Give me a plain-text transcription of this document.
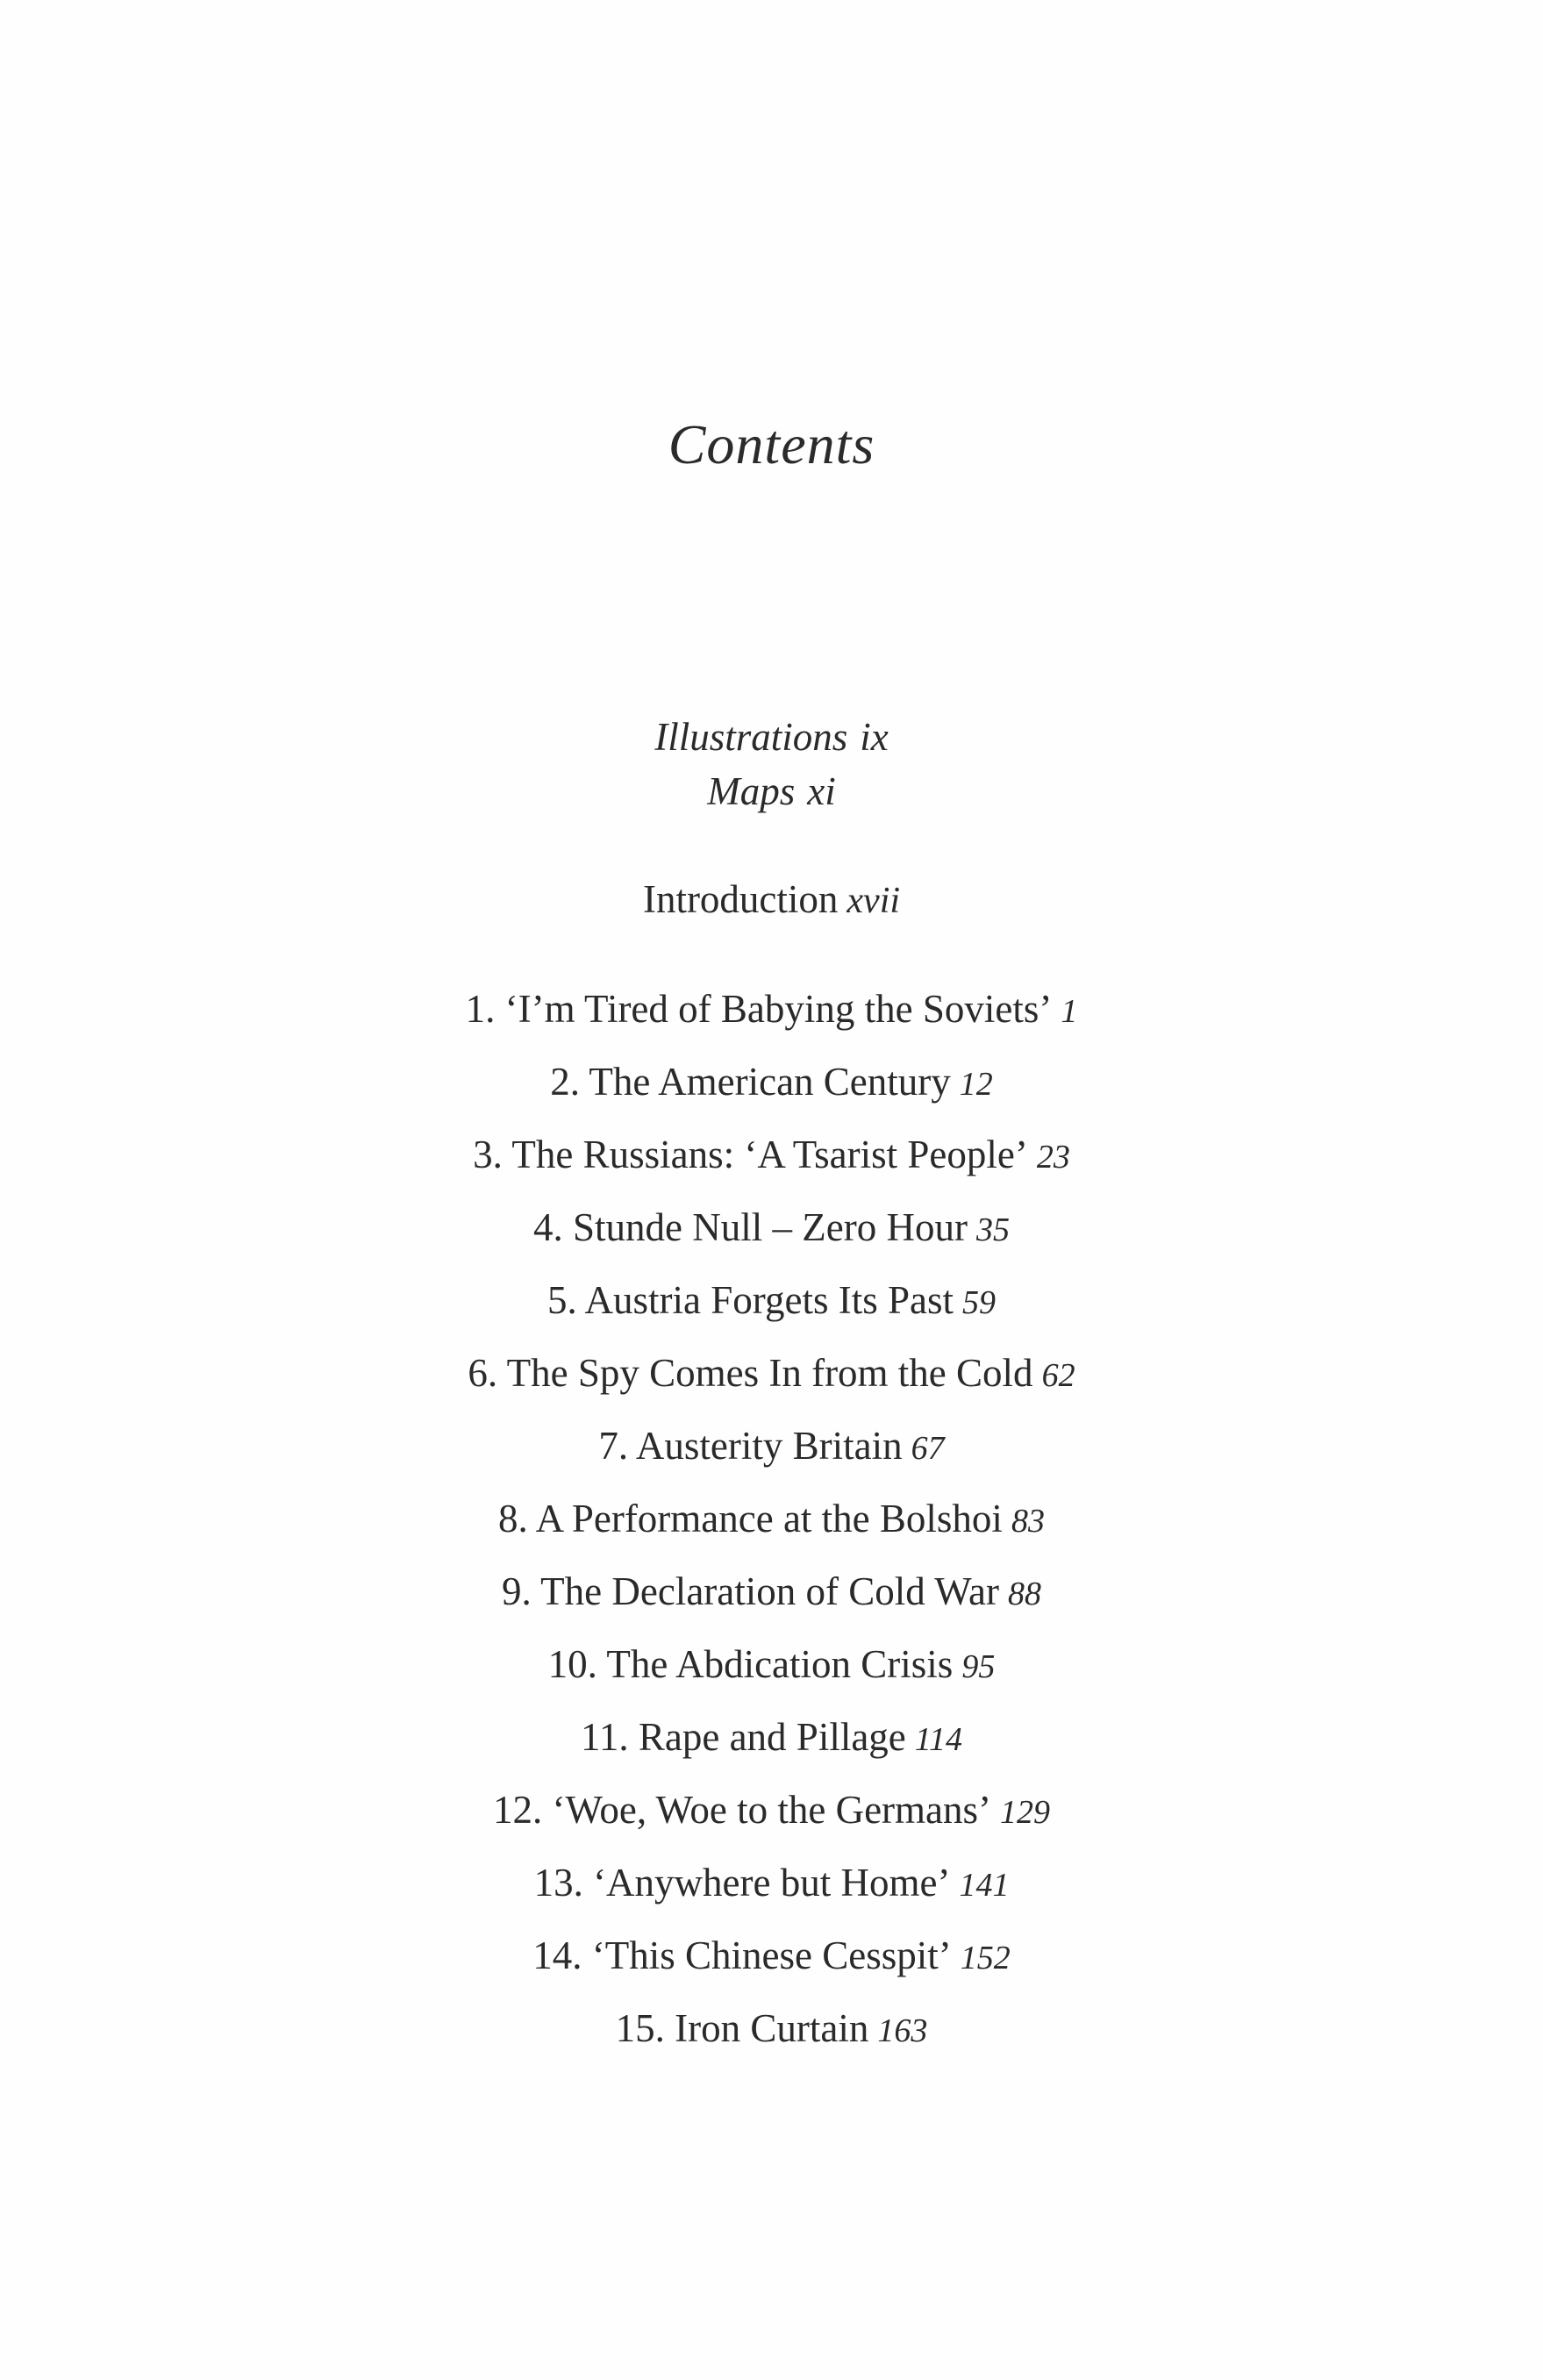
Contents
Illustrations ix
Maps xi
Introduction xvii
1. ‘I’m Tired of Babying the Soviets’ 1
2. The American Century 12
3. The Russians: ‘A Tsarist People’ 23
4. Stunde Null – Zero Hour 35
5. Austria Forgets Its Past 59
6. The Spy Comes In from the Cold 62
7. Austerity Britain 67
8. A Performance at the Bolshoi 83
9. The Declaration of Cold War 88
10. The Abdication Crisis 95
11. Rape and Pillage 114
12. ‘Woe, Woe to the Germans’ 129
13. ‘Anywhere but Home’ 141
14. ‘This Chinese Cesspit’ 152
15. Iron Curtain 163
